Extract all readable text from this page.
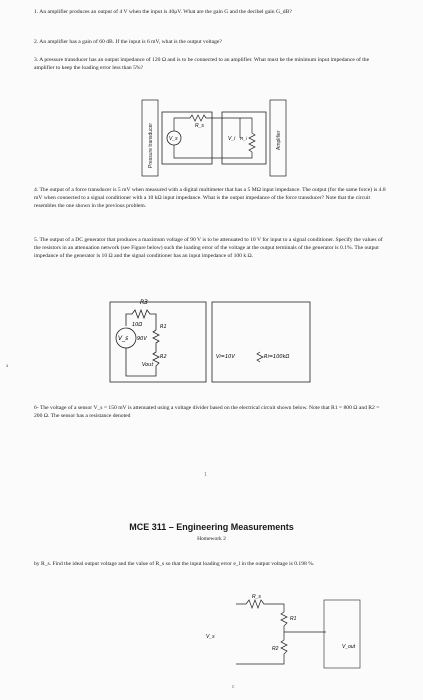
1. An amplifier produces an output of 4 V when the input is 40μV. What are the gain G and the decibel gain G_dB?
2. An amplifier has a gain of 60 dB. If the input is 6 mV, what is the output voltage?
3. A pressure transducer has an output impedance of 120 Ω and is to be connected to an amplifier. What must be the minimum input impedance of the amplifier to keep the loading error less than 5%?
Pressure transducer	Amplifier
V_s
R_s
V_i R_i
4. The output of a force transducer is 5 mV when measured with a digital multimeter that has a 5 MΩ input impedance. The output (for the same force) is 4.8 mV when connected to a signal conditioner with a 10 kΩ input impedance. What is the output impedance of the force transducer? Note that the circuit resembles the one shown in the previous problem.
5. The output of a DC generator that produces a maximum voltage of 90 V is to be attenuated to 10 V for input to a signal conditioner. Specify the values of the resistors in an attenuation network (see Figure below) such the loading error of the voltage at the output terminals of the generator is 0.1%. The output impedance of the generator is 10 Ω and the signal conditioner has an input impedance of 100 k Ω.
R3
10Ω	R1
V_s 90V
R2
Vout
Vi=10V	Ri=100kΩ
6- The voltage of a sensor V_s = 150 mV is attenuated using a voltage divider based on the electrical circuit shown below. Note that R1 = 800 Ω and R2 = 200 Ω. The sensor has a resistance denoted
1
a
MCE 311 – Engineering Measurements
Homework 2
by R_s. Find the ideal output voltage and the value of R_s so that the input loading error e_l in the output voltage is 0.198 %.
V_s
R_s
R1
R2	V_out
c
